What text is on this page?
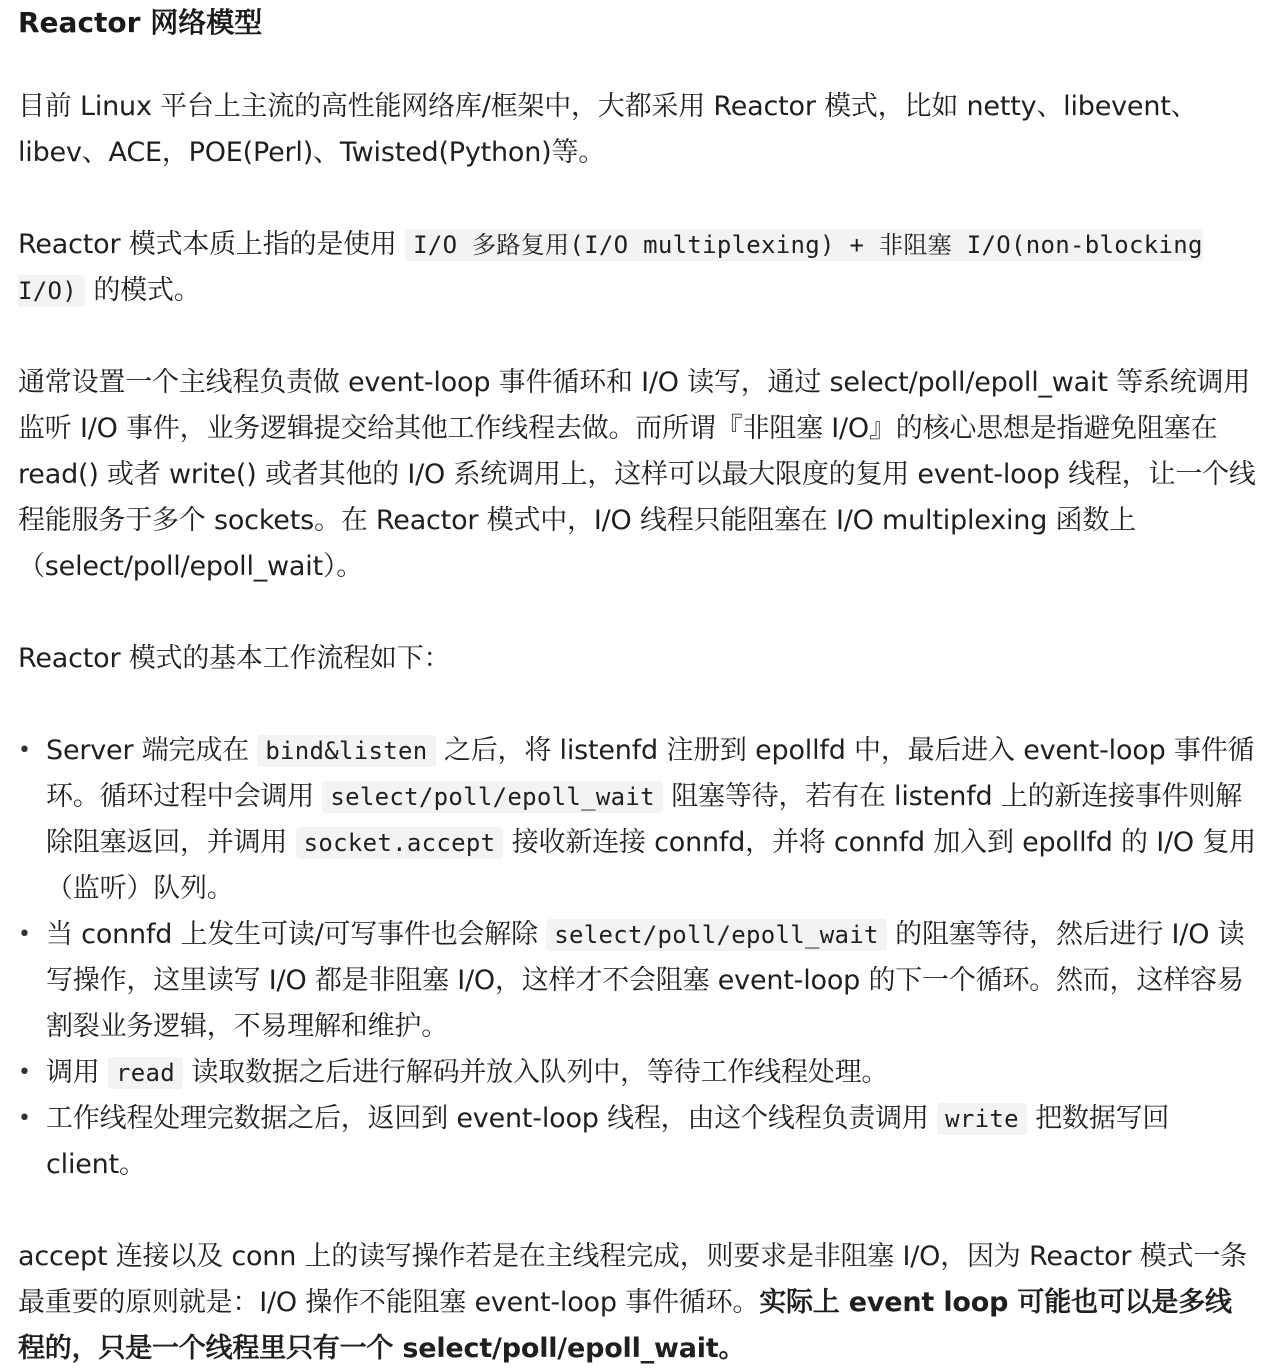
Reactor 网络模型

目前 Linux 平台上主流的高性能网络库/框架中，大都采用 Reactor 模式，比如 netty、libevent、libev、ACE，POE(Perl)、Twisted(Python)等。

Reactor 模式本质上指的是使用 I/O 多路复用(I/O multiplexing) + 非阻塞 I/O(non-blocking I/O) 的模式。

通常设置一个主线程负责做 event-loop 事件循环和 I/O 读写，通过 select/poll/epoll_wait 等系统调用监听 I/O 事件，业务逻辑提交给其他工作线程去做。而所谓『非阻塞 I/O』的核心思想是指避免阻塞在 read() 或者 write() 或者其他的 I/O 系统调用上，这样可以最大限度的复用 event-loop 线程，让一个线程能服务于多个 sockets。在 Reactor 模式中，I/O 线程只能阻塞在 I/O multiplexing 函数上（select/poll/epoll_wait）。

Reactor 模式的基本工作流程如下：

• Server 端完成在 bind&listen 之后，将 listenfd 注册到 epollfd 中，最后进入 event-loop 事件循环。循环过程中会调用 select/poll/epoll_wait 阻塞等待，若有在 listenfd 上的新连接事件则解除阻塞返回，并调用 socket.accept 接收新连接 connfd，并将 connfd 加入到 epollfd 的 I/O 复用（监听）队列。
• 当 connfd 上发生可读/可写事件也会解除 select/poll/epoll_wait 的阻塞等待，然后进行 I/O 读写操作，这里读写 I/O 都是非阻塞 I/O，这样才不会阻塞 event-loop 的下一个循环。然而，这样容易割裂业务逻辑，不易理解和维护。
• 调用 read 读取数据之后进行解码并放入队列中，等待工作线程处理。
• 工作线程处理完数据之后，返回到 event-loop 线程，由这个线程负责调用 write 把数据写回 client。

accept 连接以及 conn 上的读写操作若是在主线程完成，则要求是非阻塞 I/O，因为 Reactor 模式一条最重要的原则就是：I/O 操作不能阻塞 event-loop 事件循环。实际上 event loop 可能也可以是多线程的，只是一个线程里只有一个 select/poll/epoll_wait。
